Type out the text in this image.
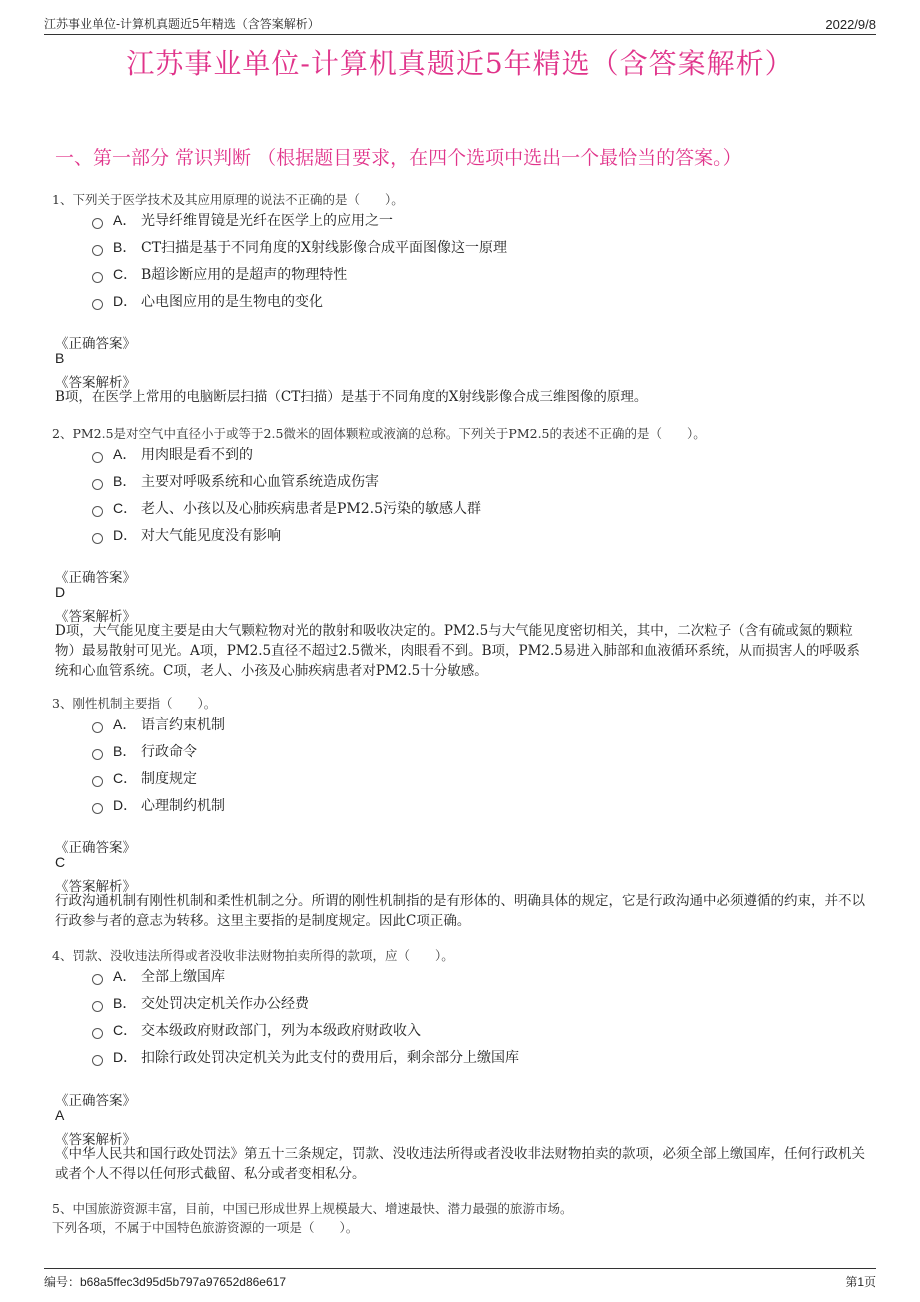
江苏事业单位-计算机真题近5年精选（含答案解析）	2022/9/8
江苏事业单位-计算机真题近5年精选（含答案解析）
一、第一部分 常识判断 （根据题目要求，在四个选项中选出一个最恰当的答案。）
1、下列关于医学技术及其应用原理的说法不正确的是（　　）。
A． 光导纤维胃镜是光纤在医学上的应用之一
B． CT扫描是基于不同角度的X射线影像合成平面图像这一原理
C． B超诊断应用的是超声的物理特性
D． 心电图应用的是生物电的变化
《正确答案》
B
《答案解析》
B项，在医学上常用的电脑断层扫描（CT扫描）是基于不同角度的X射线影像合成三维图像的原理。
2、PM2.5是对空气中直径小于或等于2.5微米的固体颗粒或液滴的总称。下列关于PM2.5的表述不正确的是（　　）。
A． 用肉眼是看不到的
B． 主要对呼吸系统和心血管系统造成伤害
C． 老人、小孩以及心肺疾病患者是PM2.5污染的敏感人群
D． 对大气能见度没有影响
《正确答案》
D
《答案解析》
D项，大气能见度主要是由大气颗粒物对光的散射和吸收决定的。PM2.5与大气能见度密切相关，其中，二次粒子（含有硫或氮的颗粒物）最易散射可见光。A项，PM2.5直径不超过2.5微米，肉眼看不到。B项，PM2.5易进入肺部和血液循环系统，从而损害人的呼吸系统和心血管系统。C项，老人、小孩及心肺疾病患者对PM2.5十分敏感。
3、刚性机制主要指（　　）。
A． 语言约束机制
B． 行政命令
C． 制度规定
D． 心理制约机制
《正确答案》
C
《答案解析》
行政沟通机制有刚性机制和柔性机制之分。所谓的刚性机制指的是有形体的、明确具体的规定，它是行政沟通中必须遵循的约束，并不以行政参与者的意志为转移。这里主要指的是制度规定。因此C项正确。
4、罚款、没收违法所得或者没收非法财物拍卖所得的款项，应（　　）。
A． 全部上缴国库
B． 交处罚决定机关作办公经费
C． 交本级政府财政部门，列为本级政府财政收入
D． 扣除行政处罚决定机关为此支付的费用后，剩余部分上缴国库
《正确答案》
A
《答案解析》
《中华人民共和国行政处罚法》第五十三条规定，罚款、没收违法所得或者没收非法财物拍卖的款项，必须全部上缴国库，任何行政机关或者个人不得以任何形式截留、私分或者变相私分。
5、中国旅游资源丰富，目前，中国已形成世界上规模最大、增速最快、潜力最强的旅游市场。
下列各项，不属于中国特色旅游资源的一项是（　　）。
编号：b68a5ffec3d95d5b797a97652d86e617	第1页
